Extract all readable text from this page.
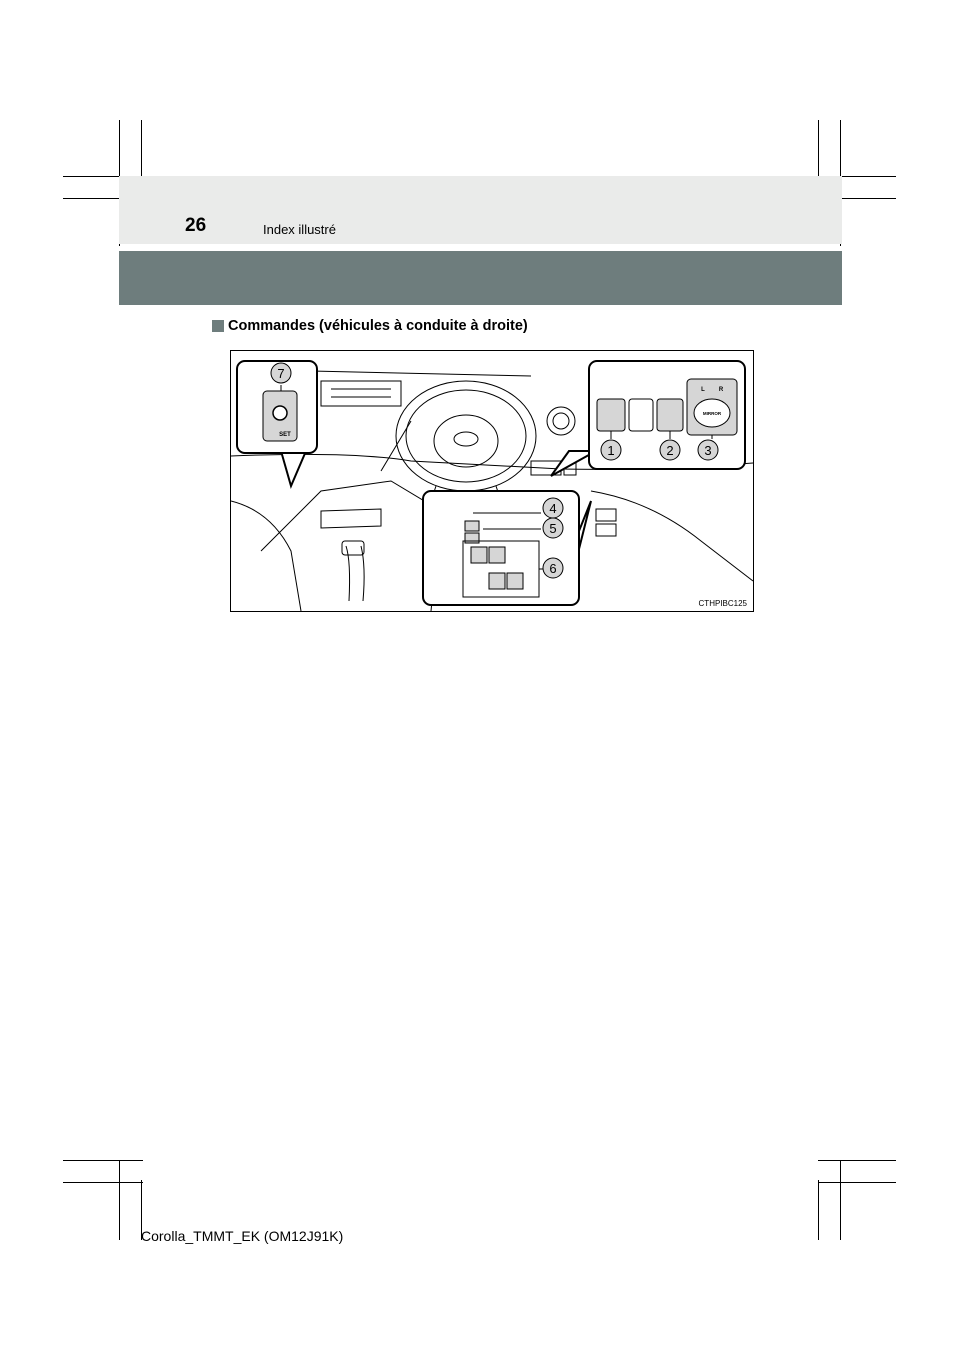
26	Index illustré
Commandes (véhicules à conduite à droite)
7
1	2 3
4
5
6
SET
MIRROR
L R
CTHPIBC125
Corolla_TMMT_EK (OM12J91K)
